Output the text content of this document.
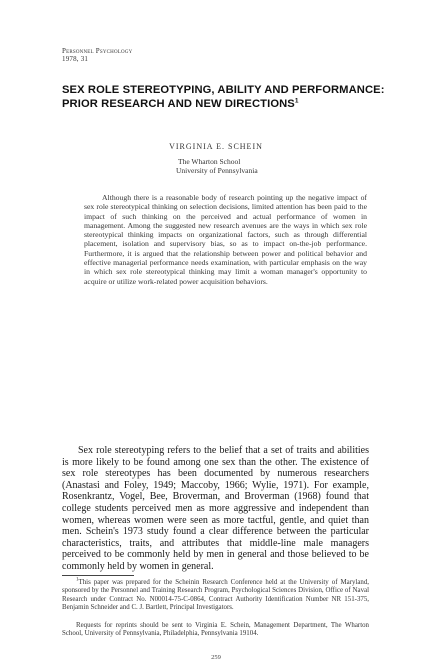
Personnel Psychology
1978, 31
SEX ROLE STEREOTYPING, ABILITY AND PERFORMANCE: PRIOR RESEARCH AND NEW DIRECTIONS$^1$
VIRGINIA E. SCHEIN
The Wharton School
University of Pennsylvania
Although there is a reasonable body of research pointing up the negative impact of sex role stereotypical thinking on selection decisions, limited attention has been paid to the impact of such thinking on the perceived and actual performance of women in management. Among the suggested new research avenues are the ways in which sex role stereotypical thinking impacts on organizational factors, such as through differential placement, isolation and supervisory bias, so as to impact on-the-job performance. Furthermore, it is argued that the relationship between power and political behavior and effective managerial performance needs examination, with particular emphasis on the way in which sex role stereotypical thinking may limit a woman manager's opportunity to acquire or utilize work-related power acquisition behaviors.
Sex role stereotyping refers to the belief that a set of traits and abilities is more likely to be found among one sex than the other. The existence of sex role stereotypes has been documented by numerous researchers (Anastasi and Foley, 1949; Maccoby, 1966; Wylie, 1971). For example, Rosenkrantz, Vogel, Bee, Broverman, and Broverman (1968) found that college students perceived men as more aggressive and independent than women, whereas women were seen as more tactful, gentle, and quiet than men. Schein's 1973 study found a clear difference between the particular characteristics, traits, and attributes that middle-line male managers perceived to be commonly held by men in general and those believed to be commonly held by women in general.
$^1$This paper was prepared for the Scheinin Research Conference held at the University of Maryland, sponsored by the Personnel and Training Research Program, Psychological Sciences Division, Office of Naval Research under Contract No. N00014-75-C-0864, Contract Authority Identification Number NR 151-375, Benjamin Schneider and C. J. Bartlett, Principal Investigators.
Requests for reprints should be sent to Virginia E. Schein, Management Department, The Wharton School, University of Pennsylvania, Philadelphia, Pennsylvania 19104.
259
